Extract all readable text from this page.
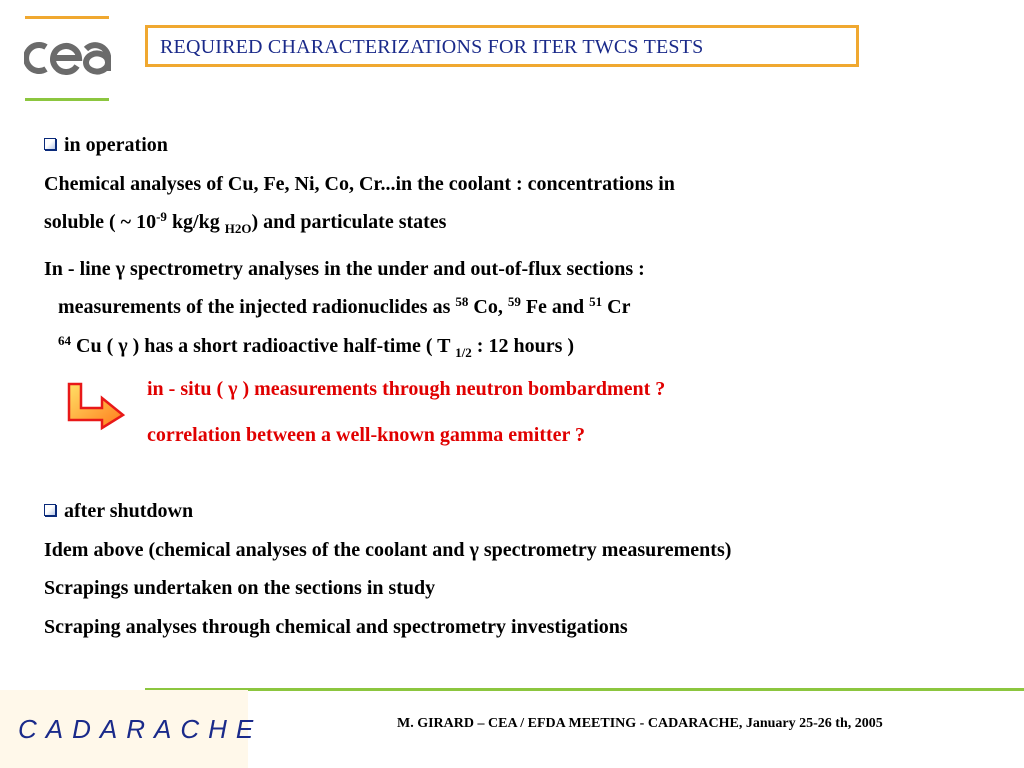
REQUIRED CHARACTERIZATIONS FOR ITER TWCS TESTS
in operation
Chemical analyses of Cu, Fe, Ni, Co, Cr...in the coolant : concentrations in
soluble ( ~ $10^{-9}$ kg/kg $_{H2O}$) and particulate states
In - line γ spectrometry analyses in the under and out-of-flux sections :
measurements of the injected radionuclides as $^{58}$ Co, $^{59}$ Fe and $^{51}$ Cr
$^{64}$ Cu ( γ ) has a short radioactive half-time ( T $_{1/2}$ : 12 hours )
in - situ ( γ ) measurements through neutron bombardment ?
correlation between a well-known gamma emitter ?
after shutdown
Idem above (chemical analyses of the coolant and γ spectrometry measurements)
Scrapings undertaken on the sections in study
Scraping analyses through chemical and spectrometry investigations
CADARACHE	M. GIRARD – CEA / EFDA MEETING - CADARACHE, January 25-26 th, 2005
